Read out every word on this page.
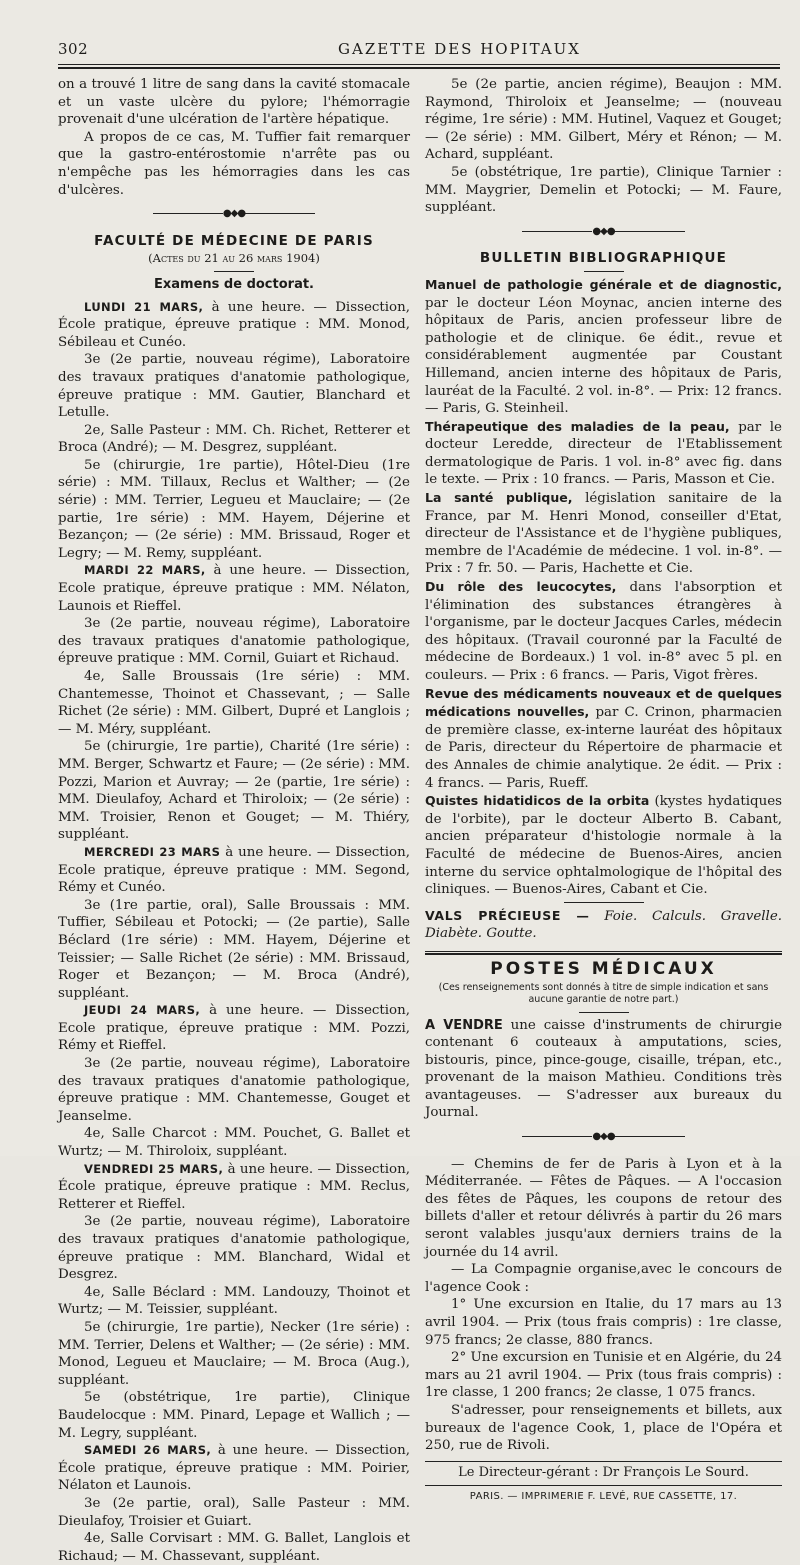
302	GAZETTE DES HOPITAUX

on a trouvé 1 litre de sang dans la cavité stomacale et un vaste ulcère du pylore; l'hémorragie provenait d'une ulcération de l'artère hépatique.

A propos de ce cas, M. Tuffier fait remarquer que la gastro-entérostomie n'arrête pas ou n'empêche pas les hémorragies dans les cas d'ulcères.

●◆●
FACULTÉ DE MÉDECINE DE PARIS
(Actes du 21 au 26 mars 1904)
Examens de doctorat.

LUNDI 21 MARS, à une heure. — Dissection, École pratique, épreuve pratique : MM. Monod, Sébileau et Cunéo.

3e (2e partie, nouveau régime), Laboratoire des travaux pratiques d'anatomie pathologique, épreuve pratique : MM. Gautier, Blanchard et Letulle.

2e, Salle Pasteur : MM. Ch. Richet, Retterer et Broca (André); — M. Desgrez, suppléant.

5e (chirurgie, 1re partie), Hôtel-Dieu (1re série) : MM. Tillaux, Reclus et Walther; — (2e série) : MM. Terrier, Legueu et Mauclaire; — (2e partie, 1re série) : MM. Hayem, Déjerine et Bezançon; — (2e série) : MM. Brissaud, Roger et Legry; — M. Remy, suppléant.

MARDI 22 MARS, à une heure. — Dissection, Ecole pratique, épreuve pratique : MM. Nélaton, Launois et Rieffel.

3e (2e partie, nouveau régime), Laboratoire des travaux pratiques d'anatomie pathologique, épreuve pratique : MM. Cornil, Guiart et Richaud.

4e, Salle Broussais (1re série) : MM. Chantemesse, Thoinot et Chassevant, ; — Salle Richet (2e série) : MM. Gilbert, Dupré et Langlois ; — M. Méry, suppléant.

5e (chirurgie, 1re partie), Charité (1re série) : MM. Berger, Schwartz et Faure; — (2e série) : MM. Pozzi, Marion et Auvray; — 2e (partie, 1re série) : MM. Dieulafoy, Achard et Thiroloix; — (2e série) : MM. Troisier, Renon et Gouget; — M. Thiéry, suppléant.

MERCREDI 23 MARS à une heure. — Dissection, Ecole pratique, épreuve pratique : MM. Segond, Rémy et Cunéo.

3e (1re partie, oral), Salle Broussais : MM. Tuffier, Sébileau et Potocki; — (2e partie), Salle Béclard (1re série) : MM. Hayem, Déjerine et Teissier; — Salle Richet (2e série) : MM. Brissaud, Roger et Bezançon; — M. Broca (André), suppléant.

JEUDI 24 MARS, à une heure. — Dissection, Ecole pratique, épreuve pratique : MM. Pozzi, Rémy et Rieffel.

3e (2e partie, nouveau régime), Laboratoire des travaux pratiques d'anatomie pathologique, épreuve pratique : MM. Chantemesse, Gouget et Jeanselme.

4e, Salle Charcot : MM. Pouchet, G. Ballet et Wurtz; — M. Thiroloix, suppléant.

VENDREDI 25 MARS, à une heure. — Dissection, École pratique, épreuve pratique : MM. Reclus, Retterer et Rieffel.

3e (2e partie, nouveau régime), Laboratoire des travaux pratiques d'anatomie pathologique, épreuve pratique : MM. Blanchard, Widal et Desgrez.

4e, Salle Béclard : MM. Landouzy, Thoinot et Wurtz; — M. Teissier, suppléant.

5e (chirurgie, 1re partie), Necker (1re série) : MM. Terrier, Delens et Walther; — (2e série) : MM. Monod, Legueu et Mauclaire; — M. Broca (Aug.), suppléant.

5e (obstétrique, 1re partie), Clinique Baudelocque : MM. Pinard, Lepage et Wallich ; — M. Legry, suppléant.

SAMEDI 26 MARS, à une heure. — Dissection, École pratique, épreuve pratique : MM. Poirier, Nélaton et Launois.

3e (2e partie, oral), Salle Pasteur : MM. Dieulafoy, Troisier et Guiart.

4e, Salle Corvisart : MM. G. Ballet, Langlois et Richaud; — M. Chassevant, suppléant.

5e (2e partie, ancien régime), Beaujon : MM. Raymond, Thiroloix et Jeanselme; — (nouveau régime, 1re série) : MM. Hutinel, Vaquez et Gouget; — (2e série) : MM. Gilbert, Méry et Rénon; — M. Achard, suppléant.

5e (obstétrique, 1re partie), Clinique Tarnier : MM. Maygrier, Demelin et Potocki; — M. Faure, suppléant.

●◆●
BULLETIN BIBLIOGRAPHIQUE

Manuel de pathologie générale et de diagnostic, par le docteur Léon Moynac, ancien interne des hôpitaux de Paris, ancien professeur libre de pathologie et de clinique. 6e édit., revue et considérablement augmentée par Coustant Hillemand, ancien interne des hôpitaux de Paris, lauréat de la Faculté. 2 vol. in-8°. — Prix: 12 francs. — Paris, G. Steinheil.

Thérapeutique des maladies de la peau, par le docteur Leredde, directeur de l'Etablissement dermatologique de Paris. 1 vol. in-8° avec fig. dans le texte. — Prix : 10 francs. — Paris, Masson et Cie.

La santé publique, législation sanitaire de la France, par M. Henri Monod, conseiller d'Etat, directeur de l'Assistance et de l'hygiène publiques, membre de l'Académie de médecine. 1 vol. in-8°. — Prix : 7 fr. 50. — Paris, Hachette et Cie.

Du rôle des leucocytes, dans l'absorption et l'élimination des substances étrangères à l'organisme, par le docteur Jacques Carles, médecin des hôpitaux. (Travail couronné par la Faculté de médecine de Bordeaux.) 1 vol. in-8° avec 5 pl. en couleurs. — Prix : 6 francs. — Paris, Vigot frères.

Revue des médicaments nouveaux et de quelques médications nouvelles, par C. Crinon, pharmacien de première classe, ex-interne lauréat des hôpitaux de Paris, directeur du Répertoire de pharmacie et des Annales de chimie analytique. 2e édit. — Prix : 4 francs. — Paris, Rueff.

Quistes hidatidicos de la orbita (kystes hydatiques de l'orbite), par le docteur Alberto B. Cabant, ancien préparateur d'histologie normale à la Faculté de médecine de Buenos-Aires, ancien interne du service ophtalmologique de l'hôpital des cliniques. — Buenos-Aires, Cabant et Cie.

VALS PRÉCIEUSE — Foie. Calculs. Gravelle. Diabète. Goutte.

POSTES MÉDICAUX
(Ces renseignements sont donnés à titre de simple indication et sans aucune garantie de notre part.)

A VENDRE une caisse d'instruments de chirurgie contenant 6 couteaux à amputations, scies, bistouris, pince, pince-gouge, cisaille, trépan, etc., provenant de la maison Mathieu. Conditions très avantageuses. — S'adresser aux bureaux du Journal.

●◆●

— Chemins de fer de Paris à Lyon et à la Méditerranée. — Fêtes de Pâques. — A l'occasion des fêtes de Pâques, les coupons de retour des billets d'aller et retour délivrés à partir du 26 mars seront valables jusqu'aux derniers trains de la journée du 14 avril.

— La Compagnie organise,avec le concours de l'agence Cook :

1° Une excursion en Italie, du 17 mars au 13 avril 1904. — Prix (tous frais compris) : 1re classe, 975 francs; 2e classe, 880 francs.

2° Une excursion en Tunisie et en Algérie, du 24 mars au 21 avril 1904. — Prix (tous frais compris) : 1re classe, 1 200 francs; 2e classe, 1 075 francs.

S'adresser, pour renseignements et billets, aux bureaux de l'agence Cook, 1, place de l'Opéra et 250, rue de Rivoli.

Le Directeur-gérant : Dr François Le Sourd.
PARIS. — IMPRIMERIE F. LEVÉ, RUE CASSETTE, 17.
